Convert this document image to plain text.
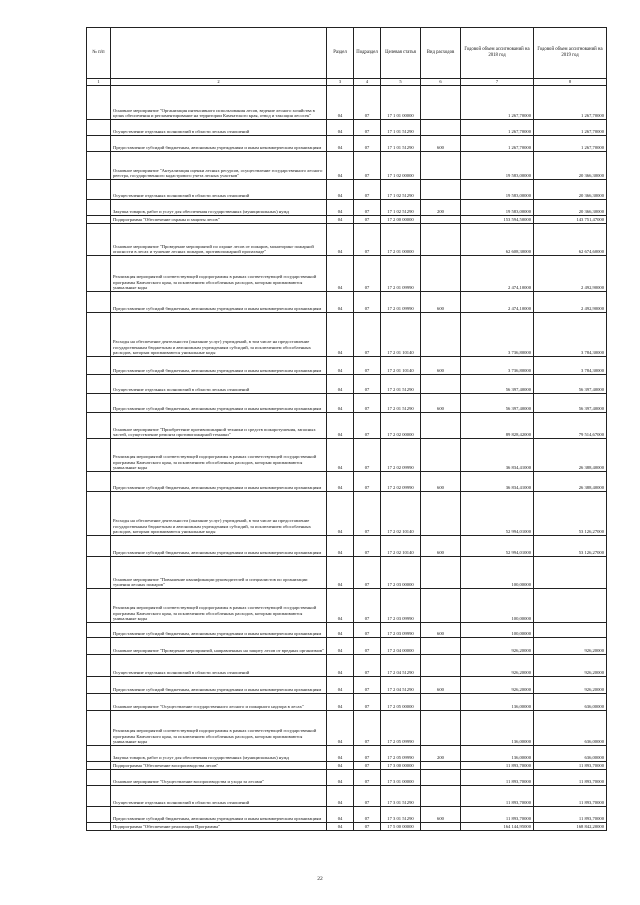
№ п/п		Раздел	Подраздел	Целевая статья	Вид расходов	Годовой объем ассигнований на 2018 год	Годовой объем ассигнований на 2019 год
1	2	3	4	5	6	7	8
	Основное мероприятие "Организация интенсивного использования лесов, ведение лесного хозяйства в целях обеспечения и регламентирование на территории Камчатского края, отвод и таксация лесосек"	04	07	17 1 01 00000		1 267,70000	1 267,70000
	Осуществление отдельных полномочий в области лесных отношений	04	07	17 1 01 51290		1 267,70000	1 267,70000
	Предоставление субсидий бюджетным, автономным учреждениям и иным некоммерческим организациям	04	07	17 1 01 51290	600	1 267,70000	1 267,70000
	Основное мероприятие "Актуализация оценки лесных ресурсов, осуществление государственного лесного реестра, государственного кадастрового учета лесных участков"	04	07	17 1 02 00000		19 583,00000	20 366,30000
	Осуществление отдельных полномочий в области лесных отношений	04	07	17 1 02 51290		19 583,00000	20 366,30000
	Закупка товаров, работ и услуг для обеспечения государственных (муниципальных) нужд	04	07	17 1 02 51290	200	19 583,00000	20 366,30000
	Подпрограмма "Обеспечение охраны и защиты лесов"	04	07	17 2 00 00000		153 594,50000	143 751,47000
	Основное мероприятие "Проведение мероприятий по охране лесов от пожаров, мониторинг пожарной опасности в лесах и тушение лесных пожаров, противопожарной пропаганде"	04	07	17 2 01 00000		62 608,30000	62 674,60000
	Реализация мероприятий соответствующей подпрограммы в рамках соответствующей государственной программы Камчатского края, за исключением обособленных расходов, которым присваиваются уникальные коды	04	07	17 2 01 09990		2 474,10000	2 492,90000
	Предоставление субсидий бюджетным, автономным учреждениям и иным некоммерческим организациям	04	07	17 2 01 09990	600	2 474,10000	2 492,90000
	Расходы на обеспечение деятельности (оказание услуг) учреждений, в том числе на предоставление государственным бюджетным и автономным учреждениям субсидий, за исключением обособленных расходов, которым присваиваются уникальные коды	04	07	17 2 01 10140		3 736,80000	3 784,30000
	Предоставление субсидий бюджетным, автономным учреждениям и иным некоммерческим организациям	04	07	17 2 01 10140	600	3 736,80000	3 784,30000
	Осуществление отдельных полномочий в области лесных отношений	04	07	17 2 01 51290		56 397,40000	56 397,40000
	Предоставление субсидий бюджетным, автономным учреждениям и иным некоммерческим организациям	04	07	17 2 01 51290	600	56 397,40000	56 397,40000
	Основное мероприятие "Приобретение противопожарной техники и средств пожаротушения, запасных частей, осуществление ремонта противопожарной техники"	04	07	17 2 02 00000		89 828,42000	79 514,67000
	Реализация мероприятий соответствующей подпрограммы в рамках соответствующей государственной программы Камчатского края, за исключением обособленных расходов, которым присваиваются уникальные коды	04	07	17 2 02 09990		36 834,41000	26 388,40000
	Предоставление субсидий бюджетным, автономным учреждениям и иным некоммерческим организациям	04	07	17 2 02 09990	600	36 834,41000	26 388,40000
	Расходы на обеспечение деятельности (оказание услуг) учреждений, в том числе на предоставление государственным бюджетным и автономным учреждениям субсидий, за исключением обособленных расходов, которым присваиваются уникальные коды	04	07	17 2 02 10140		52 994,01000	53 126,27000
	Предоставление субсидий бюджетным, автономным учреждениям и иным некоммерческим организациям	04	07	17 2 02 10140	600	52 994,01000	53 126,27000
	Основное мероприятие "Повышение квалификации руководителей и специалистов по организации тушения лесных пожаров"	04	07	17 2 03 00000		100,00000	
	Реализация мероприятий соответствующей подпрограммы в рамках соответствующей государственной программы Камчатского края, за исключением обособленных расходов, которым присваиваются уникальные коды	04	07	17 2 03 09990		100,00000	
	Предоставление субсидий бюджетным, автономным учреждениям и иным некоммерческим организациям	04	07	17 2 03 09990	600	100,00000	
	Основное мероприятие "Проведение мероприятий, направленных на защиту лесов от вредных организмов"	04	07	17 2 04 00000		926,20000	926,20000
	Осуществление отдельных полномочий в области лесных отношений	04	07	17 2 04 51290		926,20000	926,20000
	Предоставление субсидий бюджетным, автономным учреждениям и иным некоммерческим организациям	04	07	17 2 04 51290	600	926,20000	926,20000
	Основное мероприятие "Осуществление государственного лесного и пожарного надзора в лесах"	04	07	17 2 05 00000		136,00000	636,00000
	Реализация мероприятий соответствующей подпрограммы в рамках соответствующей государственной программы Камчатского края, за исключением обособленных расходов, которым присваиваются уникальные коды	04	07	17 2 05 09990		136,00000	636,00000
	Закупка товаров, работ и услуг для обеспечения государственных (муниципальных) нужд	04	07	17 2 05 09990	200	136,00000	636,00000
	Подпрограмма "Обеспечение воспроизводства лесов"	04	07	17 3 00 00000		11 893,70000	11 893,70000
	Основное мероприятие "Осуществление воспроизводства и ухода за лесами"	04	07	17 3 01 00000		11 893,70000	11 893,70000
	Осуществление отдельных полномочий в области лесных отношений	04	07	17 3 01 51290		11 893,70000	11 893,70000
	Предоставление субсидий бюджетным, автономным учреждениям и иным некоммерческим организациям	04	07	17 3 01 51290	600	11 893,70000	11 893,70000
	Подпрограмма "Обеспечение реализации Программы"	04	07	17 5 00 00000		164 144,95000	168 842,20000
22
